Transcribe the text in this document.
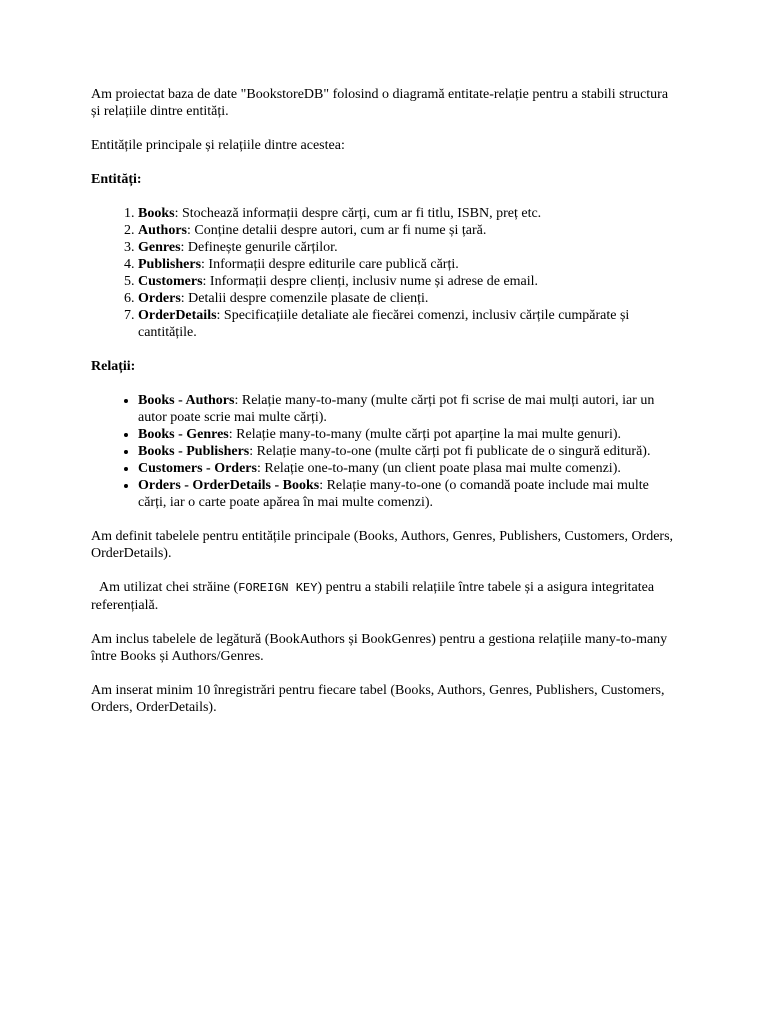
Am proiectat baza de date "BookstoreDB" folosind o diagramă entitate-relație pentru a stabili structura și relațiile dintre entități.

Entitățile principale și relațiile dintre acestea:

Entități:

1. Books: Stochează informații despre cărți, cum ar fi titlu, ISBN, preț etc.
2. Authors: Conține detalii despre autori, cum ar fi nume și țară.
3. Genres: Definește genurile cărților.
4. Publishers: Informații despre editurile care publică cărți.
5. Customers: Informații despre clienți, inclusiv nume și adrese de email.
6. Orders: Detalii despre comenzile plasate de clienți.
7. OrderDetails: Specificațiile detaliate ale fiecărei comenzi, inclusiv cărțile cumpărate și cantitățile.

Relații:

• Books - Authors: Relație many-to-many (multe cărți pot fi scrise de mai mulți autori, iar un autor poate scrie mai multe cărți).
• Books - Genres: Relație many-to-many (multe cărți pot aparține la mai multe genuri).
• Books - Publishers: Relație many-to-one (multe cărți pot fi publicate de o singură editură).
• Customers - Orders: Relație one-to-many (un client poate plasa mai multe comenzi).
• Orders - OrderDetails - Books: Relație many-to-one (o comandă poate include mai multe cărți, iar o carte poate apărea în mai multe comenzi).

Am definit tabelele pentru entitățile principale (Books, Authors, Genres, Publishers, Customers, Orders, OrderDetails).

Am utilizat chei străine (FOREIGN KEY) pentru a stabili relațiile între tabele și a asigura integritatea referențială.

Am inclus tabelele de legătură (BookAuthors și BookGenres) pentru a gestiona relațiile many-to-many între Books și Authors/Genres.

Am inserat minim 10 înregistrări pentru fiecare tabel (Books, Authors, Genres, Publishers, Customers, Orders, OrderDetails).
